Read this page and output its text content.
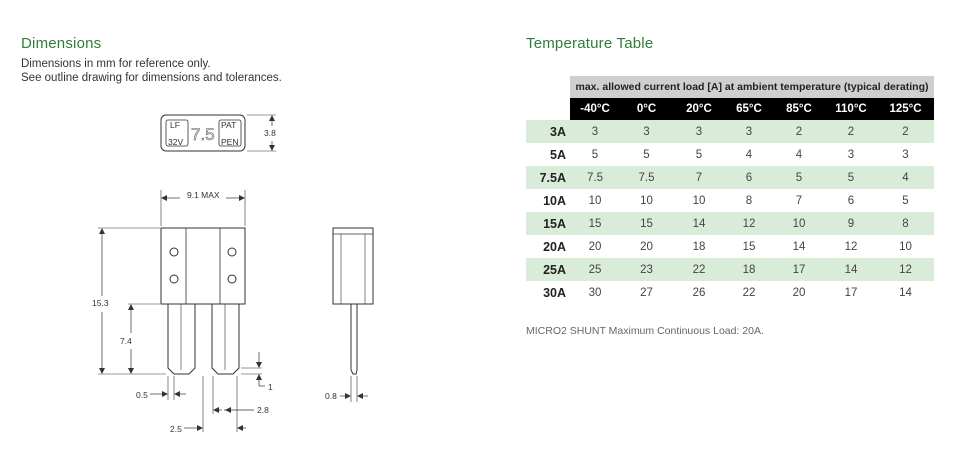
Dimensions
Dimensions in mm for reference only.
See outline drawing for dimensions and tolerances.
LF 7.5 PAT
32V	PEN
3.8
9.1 MAX
15.3
7.4
0.5
2.5
2.8
1
0.8
Temperature Table
	max. allowed current load [A] at ambient temperature (typical derating)						
	-40°C	0°C	20°C	65°C	85°C	110°C	125°C
3A	3	3	3	3	2	2	2
5A	5	5	5	4	4	3	3
7.5A	7.5	7.5	7	6	5	5	4
10A	10	10	10	8	7	6	5
15A	15	15	14	12	10	9	8
20A	20	20	18	15	14	12	10
25A	25	23	22	18	17	14	12
30A	30	27	26	22	20	17	14
MICRO2 SHUNT Maximum Continuous Load: 20A.
